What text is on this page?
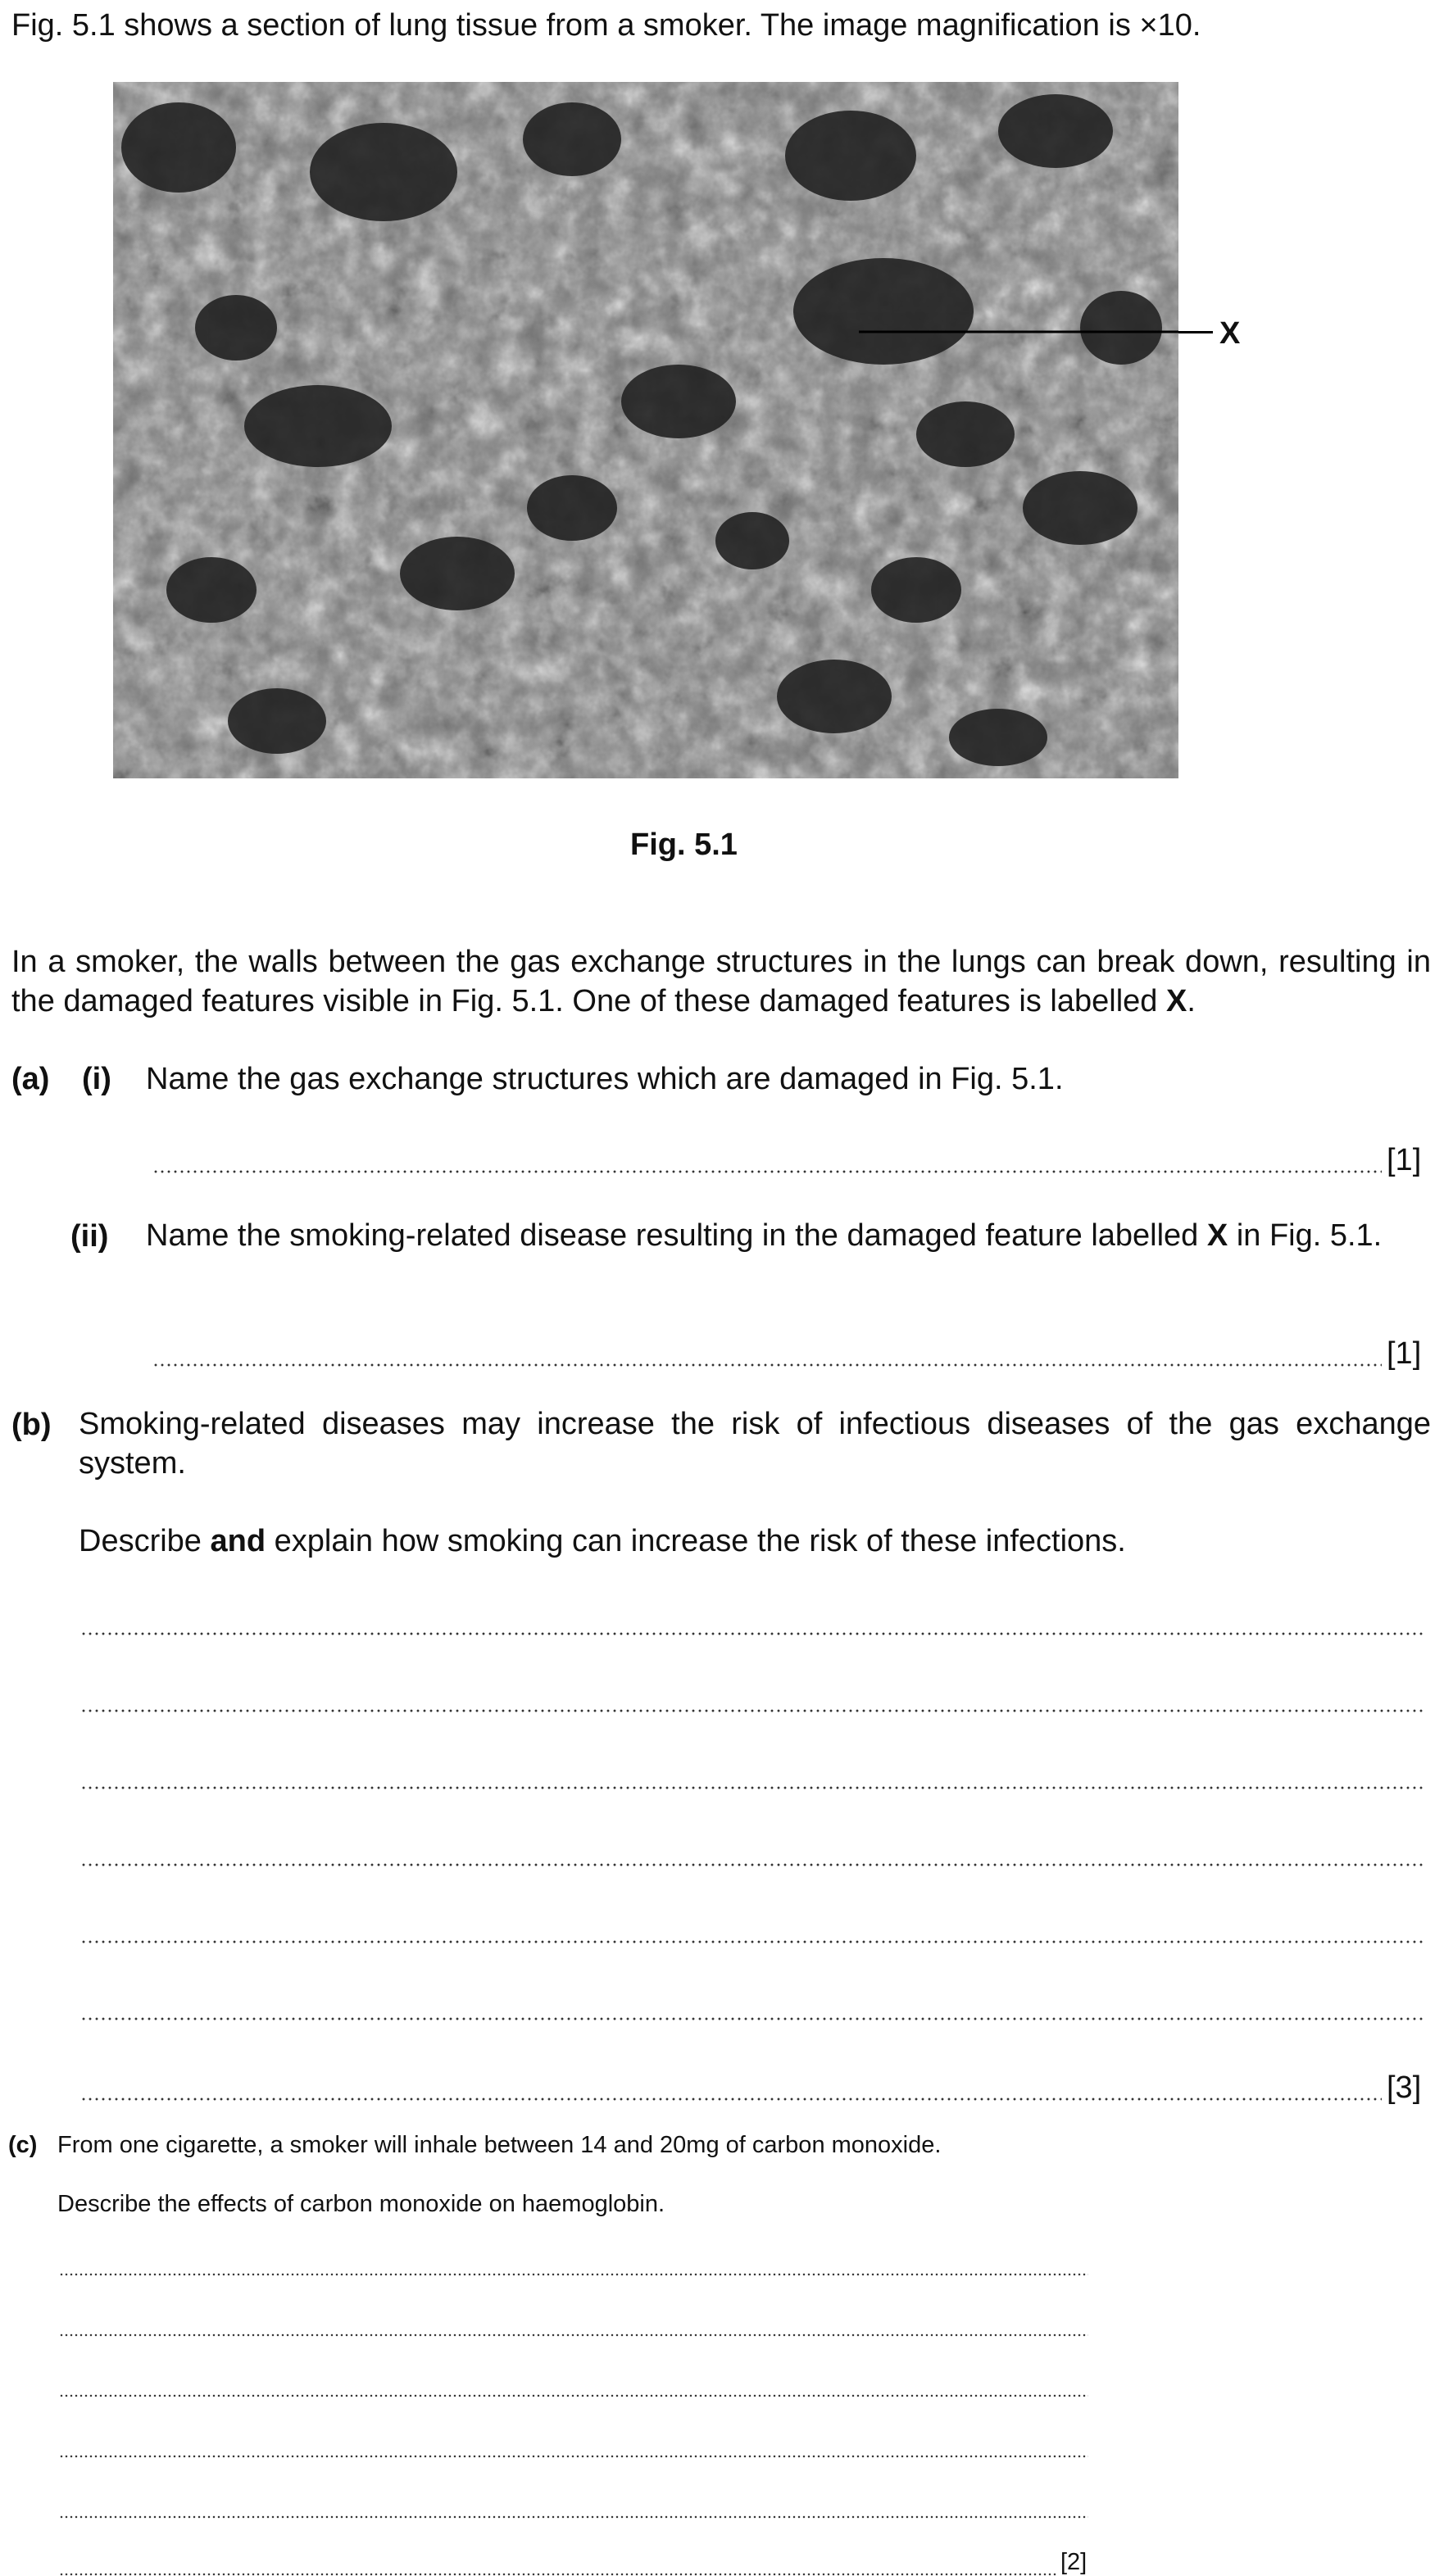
Fig. 5.1 shows a section of lung tissue from a smoker. The image magnification is ×10.
X
Fig. 5.1
In a smoker, the walls between the gas exchange structures in the lungs can break down, resulting in the damaged features visible in Fig. 5.1. One of these damaged features is labelled X.
(a) (i) Name the gas exchange structures which are damaged in Fig. 5.1.
[1]
(ii) Name the smoking-related disease resulting in the damaged feature labelled X in Fig. 5.1.
[1]
(b) Smoking-related diseases may increase the risk of infectious diseases of the gas exchange system.
Describe and explain how smoking can increase the risk of these infections.
[3]
(c) From one cigarette, a smoker will inhale between 14 and 20mg of carbon monoxide.
Describe the effects of carbon monoxide on haemoglobin.
[2]
